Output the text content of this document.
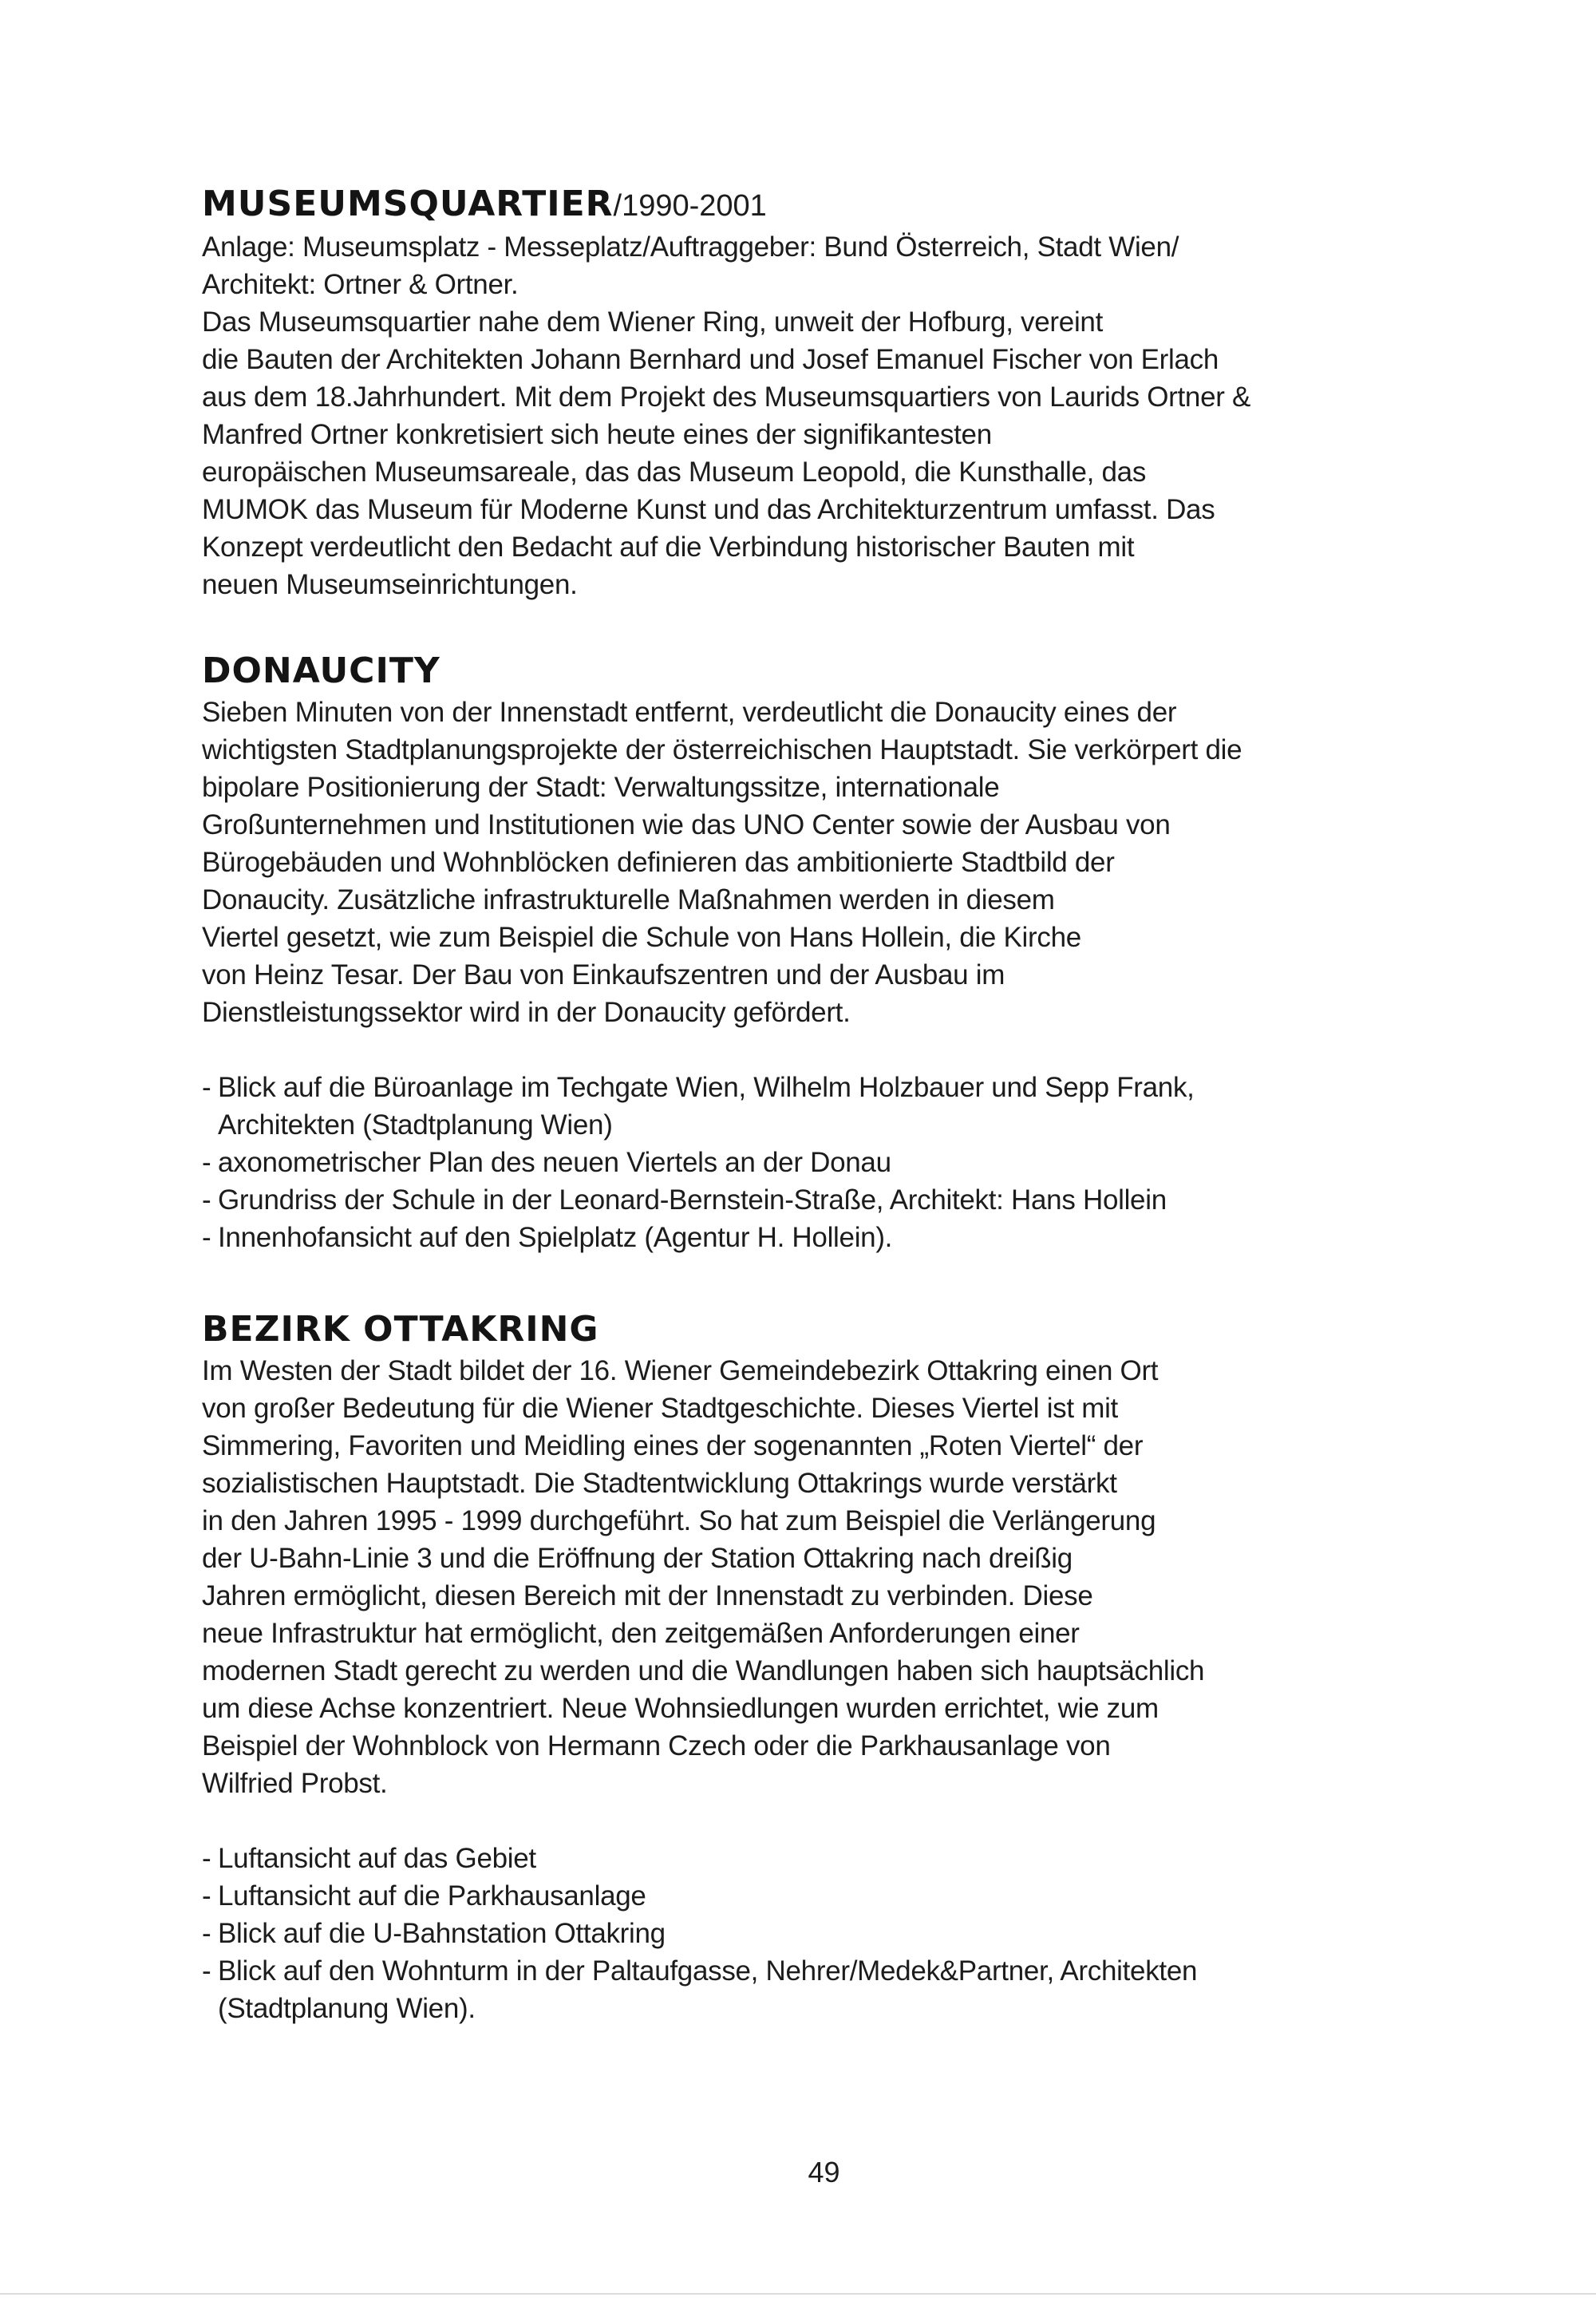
MUSEUMSQUARTIER/1990-2001

Anlage: Museumsplatz - Messeplatz/Auftraggeber: Bund Österreich, Stadt Wien/

Architekt: Ortner & Ortner.

Das Museumsquartier nahe dem Wiener Ring, unweit der Hofburg, vereint

die Bauten der Architekten Johann Bernhard und Josef Emanuel Fischer von Erlach

aus dem 18.Jahrhundert. Mit dem Projekt des Museumsquartiers von Laurids Ortner &

Manfred Ortner konkretisiert sich heute eines der signifikantesten

europäischen Museumsareale, das das Museum Leopold, die Kunsthalle, das

MUMOK das Museum für Moderne Kunst und das Architekturzentrum umfasst. Das

Konzept verdeutlicht den Bedacht auf die Verbindung historischer Bauten mit

neuen Museumseinrichtungen.

DONAUCITY

Sieben Minuten von der Innenstadt entfernt, verdeutlicht die Donaucity eines der

wichtigsten Stadtplanungsprojekte der österreichischen Hauptstadt. Sie verkörpert die

bipolare Positionierung der Stadt: Verwaltungssitze, internationale

Großunternehmen und Institutionen wie das UNO Center sowie der Ausbau von

Bürogebäuden und Wohnblöcken definieren das ambitionierte Stadtbild der

Donaucity. Zusätzliche infrastrukturelle Maßnahmen werden in diesem

Viertel gesetzt, wie zum Beispiel die Schule von Hans Hollein, die Kirche

von Heinz Tesar. Der Bau von Einkaufszentren und der Ausbau im

Dienstleistungssektor wird in der Donaucity gefördert.

- Blick auf die Büroanlage im Techgate Wien, Wilhelm Holzbauer und Sepp Frank,
Architekten (Stadtplanung Wien)
- axonometrischer Plan des neuen Viertels an der Donau
- Grundriss der Schule in der Leonard-Bernstein-Straße, Architekt: Hans Hollein
- Innenhofansicht auf den Spielplatz (Agentur H. Hollein).
BEZIRK OTTAKRING

Im Westen der Stadt bildet der 16. Wiener Gemeindebezirk Ottakring einen Ort

von großer Bedeutung für die Wiener Stadtgeschichte. Dieses Viertel ist mit

Simmering, Favoriten und Meidling eines der sogenannten „Roten Viertel“ der

sozialistischen Hauptstadt. Die Stadtentwicklung Ottakrings wurde verstärkt

in den Jahren 1995 - 1999 durchgeführt. So hat zum Beispiel die Verlängerung

der U-Bahn-Linie 3 und die Eröffnung der Station Ottakring nach dreißig

Jahren ermöglicht, diesen Bereich mit der Innenstadt zu verbinden. Diese

neue Infrastruktur hat ermöglicht, den zeitgemäßen Anforderungen einer

modernen Stadt gerecht zu werden und die Wandlungen haben sich hauptsächlich

um diese Achse konzentriert. Neue Wohnsiedlungen wurden errichtet, wie zum

Beispiel der Wohnblock von Hermann Czech oder die Parkhausanlage von

Wilfried Probst.

- Luftansicht auf das Gebiet
- Luftansicht auf die Parkhausanlage
- Blick auf die U-Bahnstation Ottakring
- Blick auf den Wohnturm in der Paltaufgasse, Nehrer/Medek&Partner, Architekten
(Stadtplanung Wien).
49
